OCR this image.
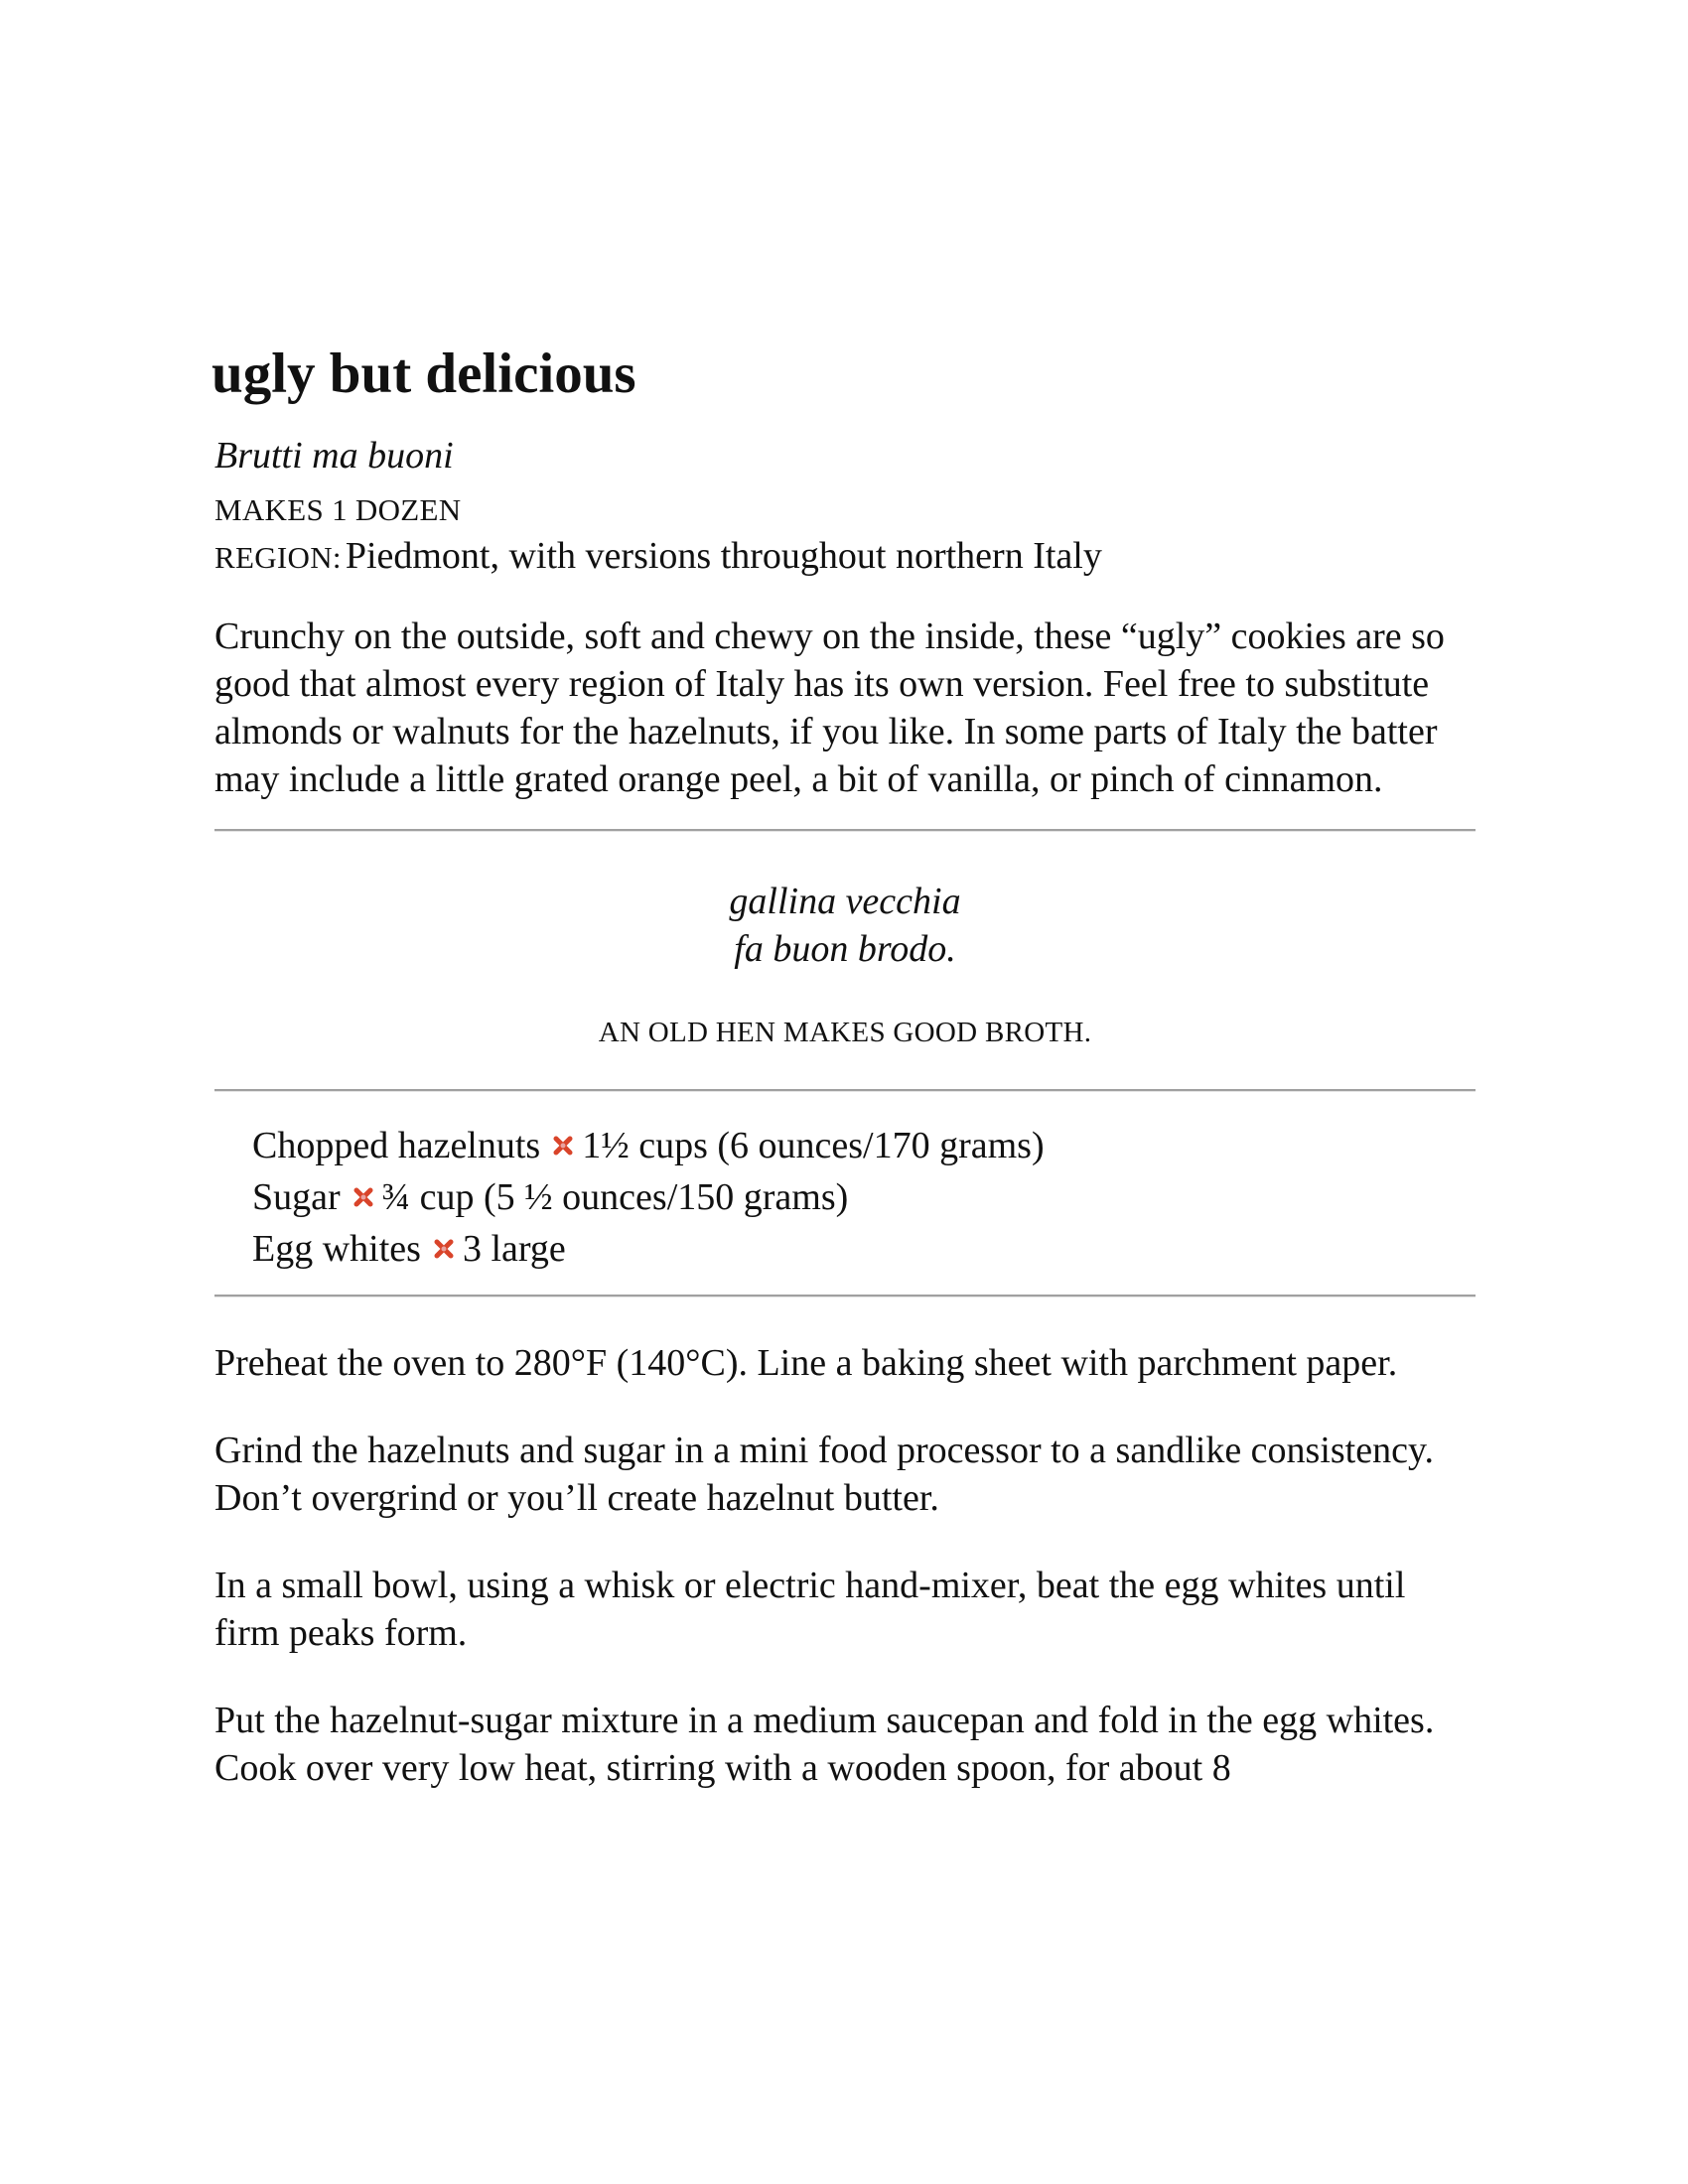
ugly but delicious
Brutti ma buoni
MAKES 1 DOZEN
REGION: Piedmont, with versions throughout northern Italy

Crunchy on the outside, soft and chewy on the inside, these “ugly” cookies are so good that almost every region of Italy has its own version. Feel free to substitute almonds or walnuts for the hazelnuts, if you like. In some parts of Italy the batter may include a little grated orange peel, a bit of vanilla, or pinch of cinnamon.

gallina vecchia
fa buon brodo.
AN OLD HEN MAKES GOOD BROTH.
Chopped hazelnuts 1½ cups (6 ounces/170 grams)
Sugar ¾ cup (5 ½ ounces/150 grams)
Egg whites 3 large

Preheat the oven to 280°F (140°C). Line a baking sheet with parchment paper.

Grind the hazelnuts and sugar in a mini food processor to a sandlike consistency. Don’t overgrind or you’ll create hazelnut butter.

In a small bowl, using a whisk or electric hand-mixer, beat the egg whites until firm peaks form.

Put the hazelnut-sugar mixture in a medium saucepan and fold in the egg whites. Cook over very low heat, stirring with a wooden spoon, for about 8
